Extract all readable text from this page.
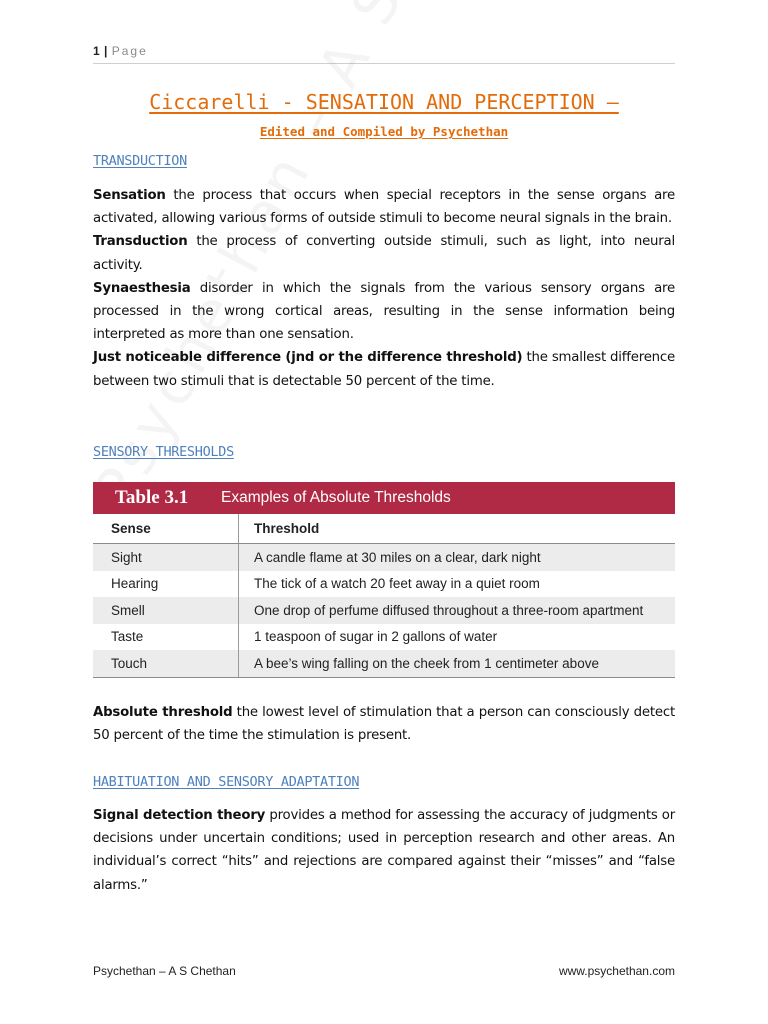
1 | Page
Ciccarelli - SENSATION AND PERCEPTION –
Edited and Compiled by Psychethan
TRANSDUCTION

Sensation the process that occurs when special receptors in the sense organs are activated, allowing various forms of outside stimuli to become neural signals in the brain.

Transduction the process of converting outside stimuli, such as light, into neural activity.

Synaesthesia disorder in which the signals from the various sensory organs are processed in the wrong cortical areas, resulting in the sense information being interpreted as more than one sensation.

Just noticeable difference (jnd or the difference threshold) the smallest difference between two stimuli that is detectable 50 percent of the time.

SENSORY THRESHOLDS
Table 3.1	Examples of Absolute Thresholds
Sense	Threshold
Sight	A candle flame at 30 miles on a clear, dark night
Hearing	The tick of a watch 20 feet away in a quiet room
Smell	One drop of perfume diffused throughout a three-room apartment
Taste	1 teaspoon of sugar in 2 gallons of water
Touch	A bee’s wing falling on the cheek from 1 centimeter above

Absolute threshold the lowest level of stimulation that a person can consciously detect 50 percent of the time the stimulation is present.

HABITUATION AND SENSORY ADAPTATION

Signal detection theory provides a method for assessing the accuracy of judgments or decisions under uncertain conditions; used in perception research and other areas. An individual’s correct “hits” and rejections are compared against their “misses” and “false alarms.”

Psychethan – A S Chethan	www.psychethan.com
